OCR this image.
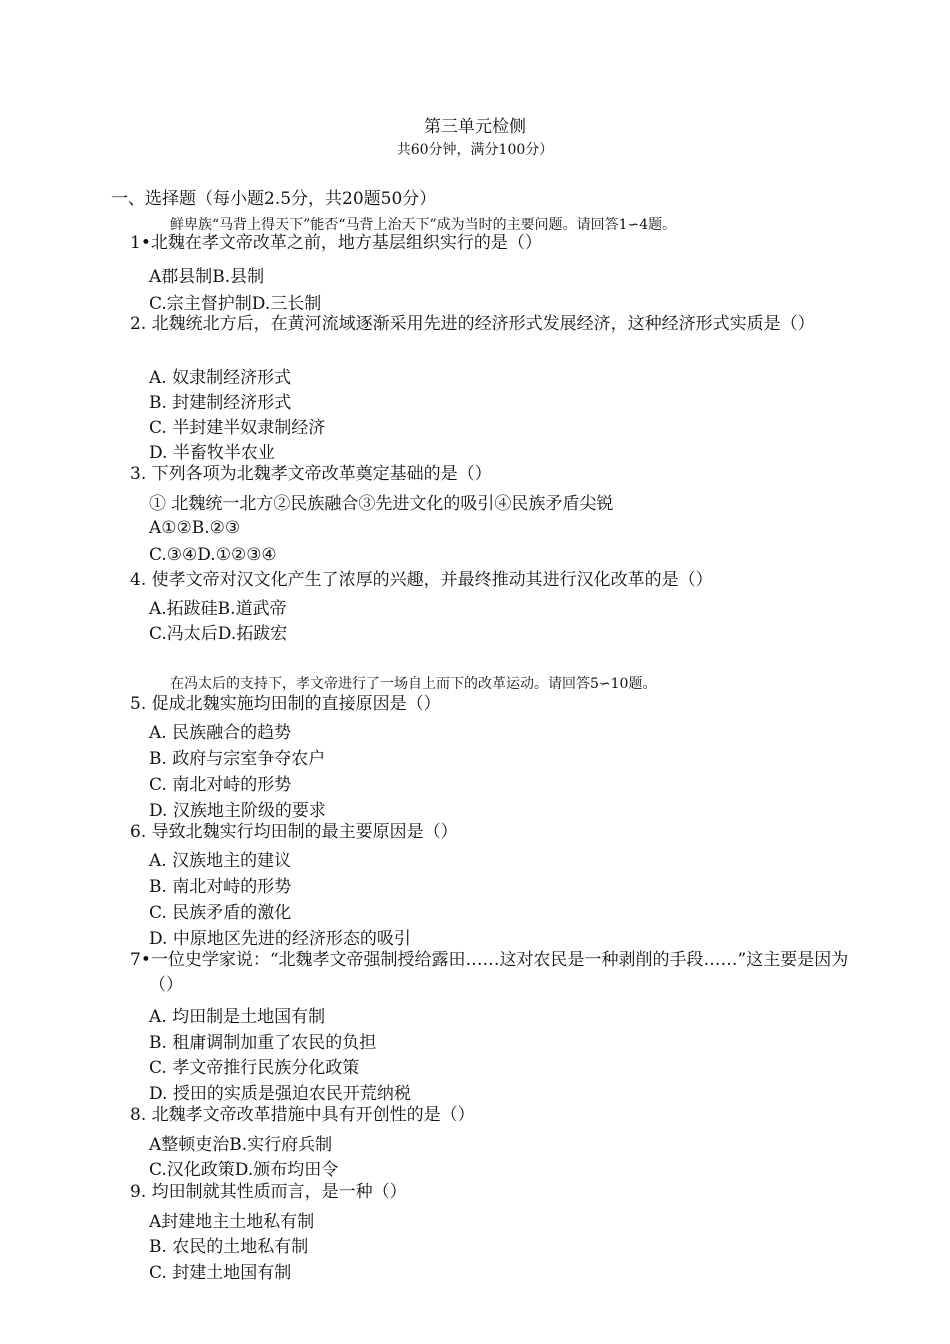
第三单元检侧
共60分钟，满分100分）
一、选择题（每小题2.5分，共20题50分）
鲜卑族“马背上得天下”能否“马背上治天下”成为当时的主要问题。请回答1∽4题。
在冯太后的支持下，孝文帝进行了一场自上而下的改革运动。请回答5∽10题。
1•北魏在孝文帝改革之前，地方基层组织实行的是（）
A郡县制B.县制
C.宗主督护制D.三长制
2. 北魏统北方后，在黄河流域逐渐采用先进的经济形式发展经济，这种经济形式实质是（）
A. 奴隶制经济形式
B. 封建制经济形式
C. 半封建半奴隶制经济
D. 半畜牧半农业
3. 下列各项为北魏孝文帝改革奠定基础的是（）
① 北魏统一北方②民族融合③先进文化的吸引④民族矛盾尖锐
A①②B.②③
C.③④D.①②③④
4. 使孝文帝对汉文化产生了浓厚的兴趣，并最终推动其进行汉化改革的是（）
A.拓跋硅B.道武帝
C.冯太后D.拓跋宏
5. 促成北魏实施均田制的直接原因是（）
A. 民族融合的趋势
B. 政府与宗室争夺农户
C. 南北对峙的形势
D. 汉族地主阶级的要求
6. 导致北魏实行均田制的最主要原因是（）
A. 汉族地主的建议
B. 南北对峙的形势
C. 民族矛盾的激化
D. 中原地区先进的经济形态的吸引
7•一位史学家说：“北魏孝文帝强制授给露田……这对农民是一种剥削的手段……”这主要是因为（）
A. 均田制是土地国有制
B. 租庸调制加重了农民的负担
C. 孝文帝推行民族分化政策
D. 授田的实质是强迫农民开荒纳税
8. 北魏孝文帝改革措施中具有开创性的是（）
A整顿吏治B.实行府兵制
C.汉化政策D.颁布均田令
9. 均田制就其性质而言，是一种（）
A封建地主土地私有制
B. 农民的土地私有制
C. 封建土地国有制
